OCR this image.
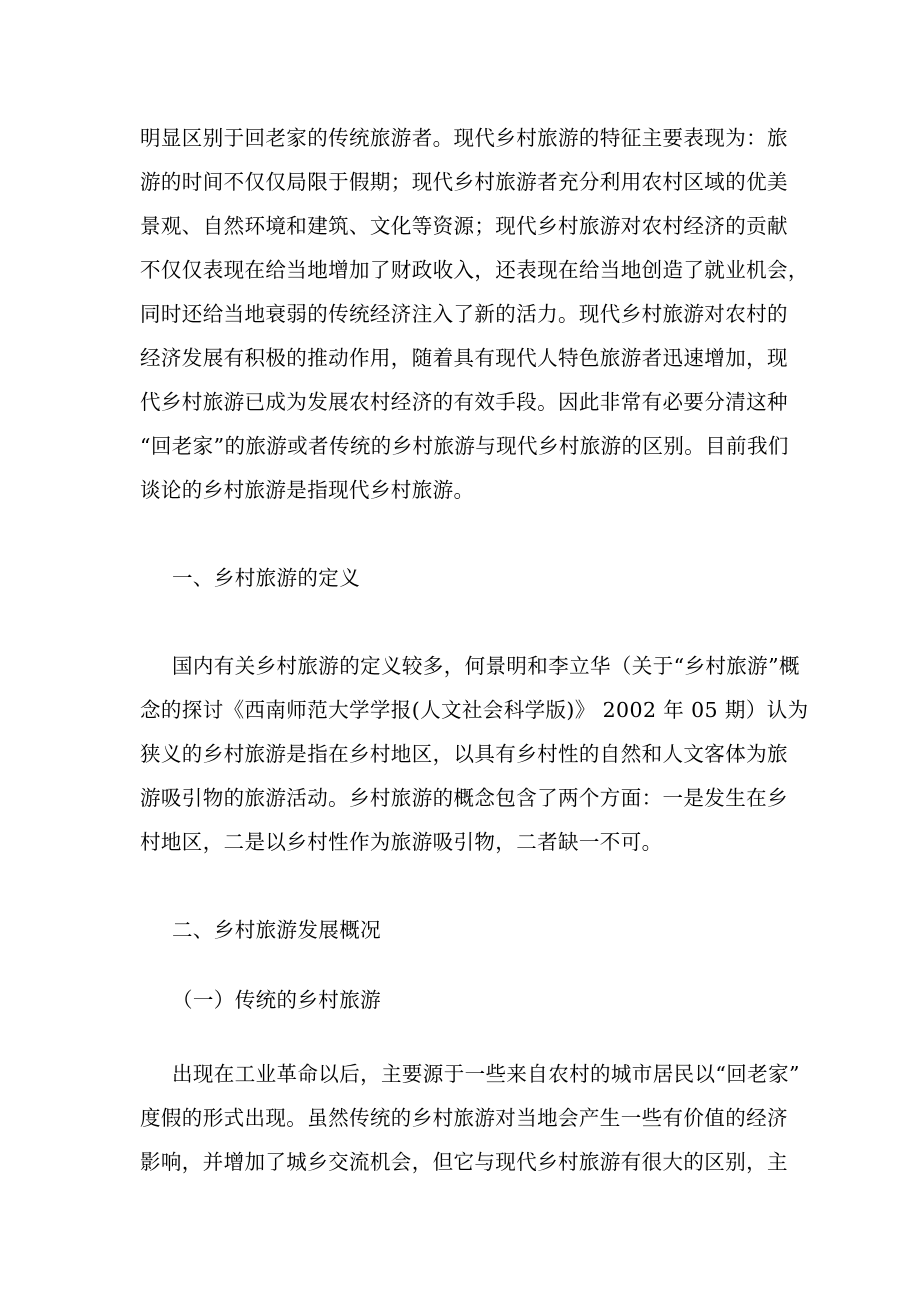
明显区别于回老家的传统旅游者。现代乡村旅游的特征主要表现为：旅
游的时间不仅仅局限于假期；现代乡村旅游者充分利用农村区域的优美
景观、自然环境和建筑、文化等资源；现代乡村旅游对农村经济的贡献
不仅仅表现在给当地增加了财政收入，还表现在给当地创造了就业机会，
同时还给当地衰弱的传统经济注入了新的活力。现代乡村旅游对农村的
经济发展有积极的推动作用，随着具有现代人特色旅游者迅速增加，现
代乡村旅游已成为发展农村经济的有效手段。因此非常有必要分清这种
“回老家”的旅游或者传统的乡村旅游与现代乡村旅游的区别。目前我们
谈论的乡村旅游是指现代乡村旅游。
一、乡村旅游的定义
国内有关乡村旅游的定义较多，何景明和李立华（关于“乡村旅游”概
念的探讨《西南师范大学学报(人文社会科学版)》 2002 年 05 期）认为
狭义的乡村旅游是指在乡村地区，以具有乡村性的自然和人文客体为旅
游吸引物的旅游活动。乡村旅游的概念包含了两个方面：一是发生在乡
村地区，二是以乡村性作为旅游吸引物，二者缺一不可。
二、乡村旅游发展概况
（一）传统的乡村旅游
出现在工业革命以后，主要源于一些来自农村的城市居民以“回老家”
度假的形式出现。虽然传统的乡村旅游对当地会产生一些有价值的经济
影响，并增加了城乡交流机会，但它与现代乡村旅游有很大的区别，主
